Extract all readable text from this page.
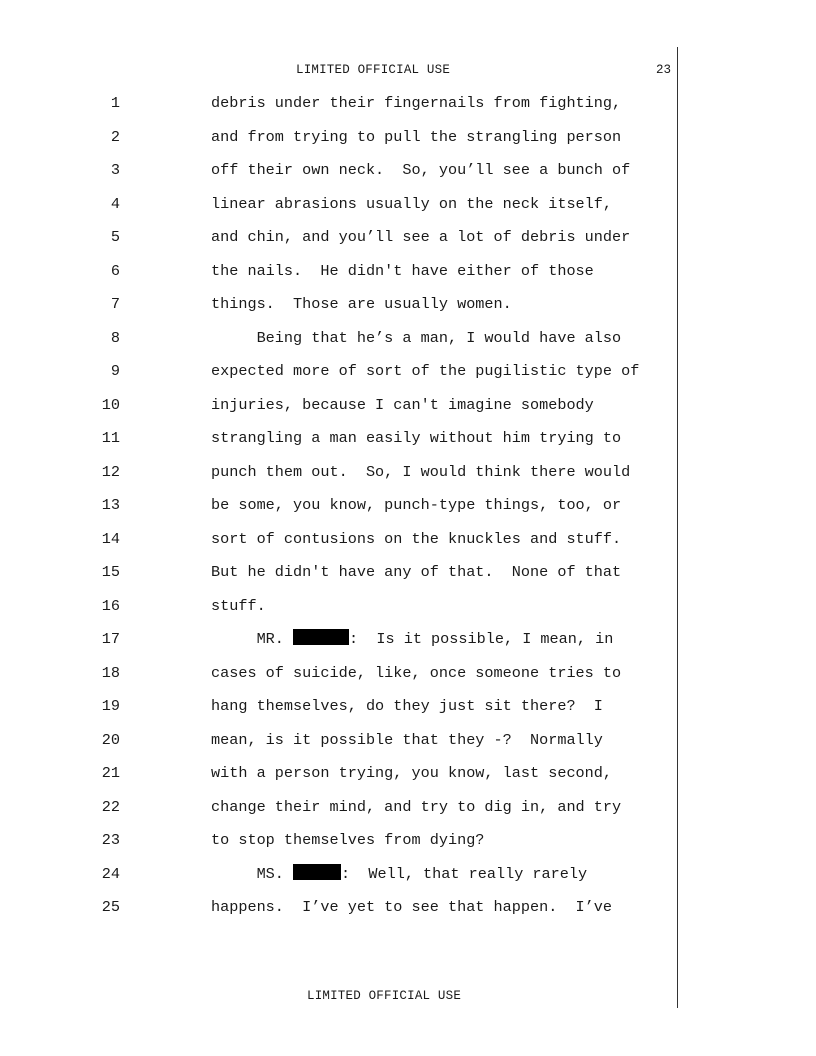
LIMITED OFFICIAL USE	23
1	debris under their fingernails from fighting,
2	and from trying to pull the strangling person
3	off their own neck.  So, you’ll see a bunch of
4	linear abrasions usually on the neck itself,
5	and chin, and you’ll see a lot of debris under
6	the nails.  He didn't have either of those
7	things.  Those are usually women.
8	Being that he’s a man, I would have also
9	expected more of sort of the pugilistic type of
10	injuries, because I can't imagine somebody
11	strangling a man easily without him trying to
12	punch them out.  So, I would think there would
13	be some, you know, punch-type things, too, or
14	sort of contusions on the knuckles and stuff.
15	But he didn't have any of that.  None of that
16	stuff.
17	MR.	:  Is it possible, I mean, in
18	cases of suicide, like, once someone tries to
19	hang themselves, do they just sit there?  I
20	mean, is it possible that they -?  Normally
21	with a person trying, you know, last second,
22	change their mind, and try to dig in, and try
23	to stop themselves from dying?
24	MS.	:  Well, that really rarely
25	happens.  I’ve yet to see that happen.  I’ve
LIMITED OFFICIAL USE
